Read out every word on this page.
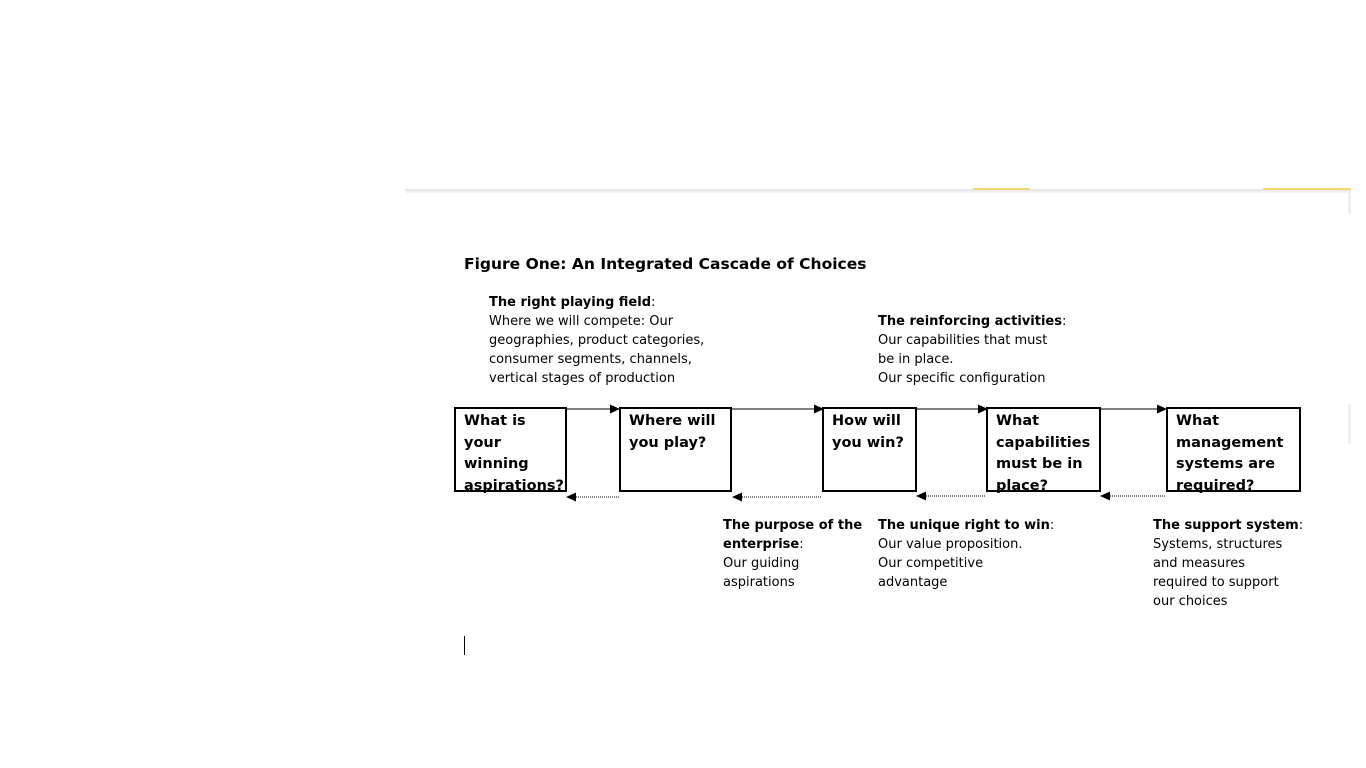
Figure One: An Integrated Cascade of Choices
The right playing field:
Where we will compete: Our
geographies, product categories,
consumer segments, channels,
vertical stages of production
The reinforcing activities:
Our capabilities that must
be in place.
Our specific configuration
What is your
winning
aspirations?
Where will
you play?
How will
you win?
What
capabilities
must be in
place?
What
management
systems are
required?
The purpose of the
enterprise:
Our guiding
aspirations
The unique right to win:
Our value proposition.
Our competitive
advantage
The support system:
Systems, structures
and measures
required to support
our choices
